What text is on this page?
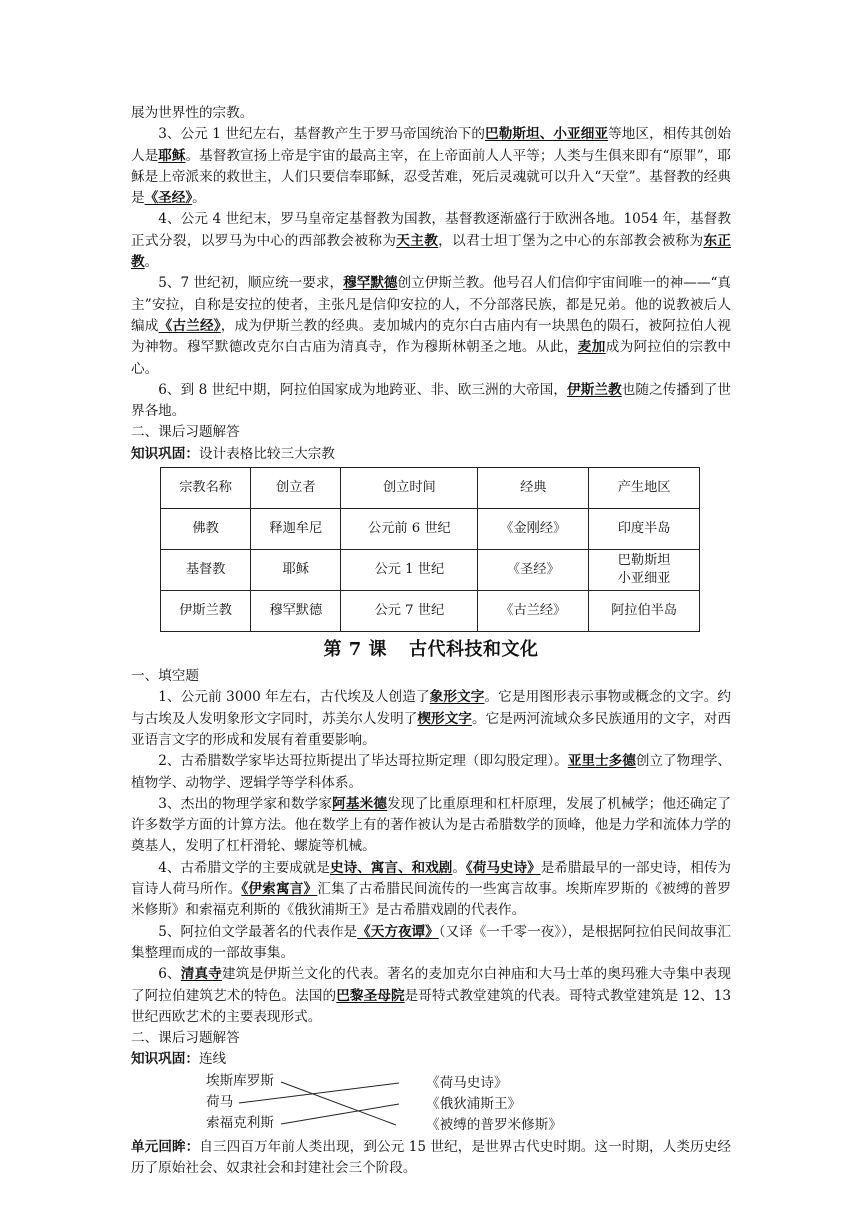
展为世界性的宗教。

3、公元 1 世纪左右，基督教产生于罗马帝国统治下的巴勒斯坦、小亚细亚等地区，相传其创始人是耶稣。基督教宣扬上帝是宇宙的最高主宰，在上帝面前人人平等；人类与生俱来即有“原罪”，耶稣是上帝派来的救世主，人们只要信奉耶稣，忍受苦难，死后灵魂就可以升入“天堂”。基督教的经典是《圣经》。

4、公元 4 世纪末，罗马皇帝定基督教为国教，基督教逐渐盛行于欧洲各地。1054 年，基督教正式分裂，以罗马为中心的西部教会被称为天主教，以君士坦丁堡为之中心的东部教会被称为东正教。

5、7 世纪初，顺应统一要求，穆罕默德创立伊斯兰教。他号召人们信仰宇宙间唯一的神——“真主”安拉，自称是安拉的使者，主张凡是信仰安拉的人，不分部落民族，都是兄弟。他的说教被后人编成《古兰经》，成为伊斯兰教的经典。麦加城内的克尔白古庙内有一块黑色的陨石，被阿拉伯人视为神物。穆罕默德改克尔白古庙为清真寺，作为穆斯林朝圣之地。从此，麦加成为阿拉伯的宗教中心。

6、到 8 世纪中期，阿拉伯国家成为地跨亚、非、欧三洲的大帝国，伊斯兰教也随之传播到了世界各地。

二、课后习题解答

知识巩固：设计表格比较三大宗教

宗教名称	创立者	创立时间	经典	产生地区
佛教	释迦牟尼	公元前 6 世纪	《金刚经》	印度半岛
基督教	耶稣	公元 1 世纪	《圣经》	巴勒斯坦
小亚细亚
伊斯兰教	穆罕默德	公元 7 世纪	《古兰经》	阿拉伯半岛
第 7 课 古代科技和文化

一、填空题

1、公元前 3000 年左右，古代埃及人创造了象形文字。它是用图形表示事物或概念的文字。约与古埃及人发明象形文字同时，苏美尔人发明了楔形文字。它是两河流域众多民族通用的文字，对西亚语言文字的形成和发展有着重要影响。

2、古希腊数学家毕达哥拉斯提出了毕达哥拉斯定理（即勾股定理）。亚里士多德创立了物理学、植物学、动物学、逻辑学等学科体系。

3、杰出的物理学家和数学家阿基米德发现了比重原理和杠杆原理，发展了机械学；他还确定了许多数学方面的计算方法。他在数学上有的著作被认为是古希腊数学的顶峰，他是力学和流体力学的奠基人，发明了杠杆滑轮、螺旋等机械。

4、古希腊文学的主要成就是史诗、寓言、和戏剧。《荷马史诗》是希腊最早的一部史诗，相传为盲诗人荷马所作。《伊索寓言》汇集了古希腊民间流传的一些寓言故事。埃斯库罗斯的《被缚的普罗米修斯》和索福克利斯的《俄狄浦斯王》是古希腊戏剧的代表作。

5、阿拉伯文学最著名的代表作是《天方夜谭》（又译《一千零一夜》），是根据阿拉伯民间故事汇集整理而成的一部故事集。

6、清真寺建筑是伊斯兰文化的代表。著名的麦加克尔白神庙和大马士革的奥玛雅大寺集中表现了阿拉伯建筑艺术的特色。法国的巴黎圣母院是哥特式教堂建筑的代表。哥特式教堂建筑是 12、13 世纪西欧艺术的主要表现形式。

二、课后习题解答

知识巩固：连线

埃斯库罗斯
荷马
索福克利斯
《荷马史诗》
《俄狄浦斯王》
《被缚的普罗米修斯》

单元回眸：自三四百万年前人类出现，到公元 15 世纪，是世界古代史时期。这一时期，人类历史经历了原始社会、奴隶社会和封建社会三个阶段。
